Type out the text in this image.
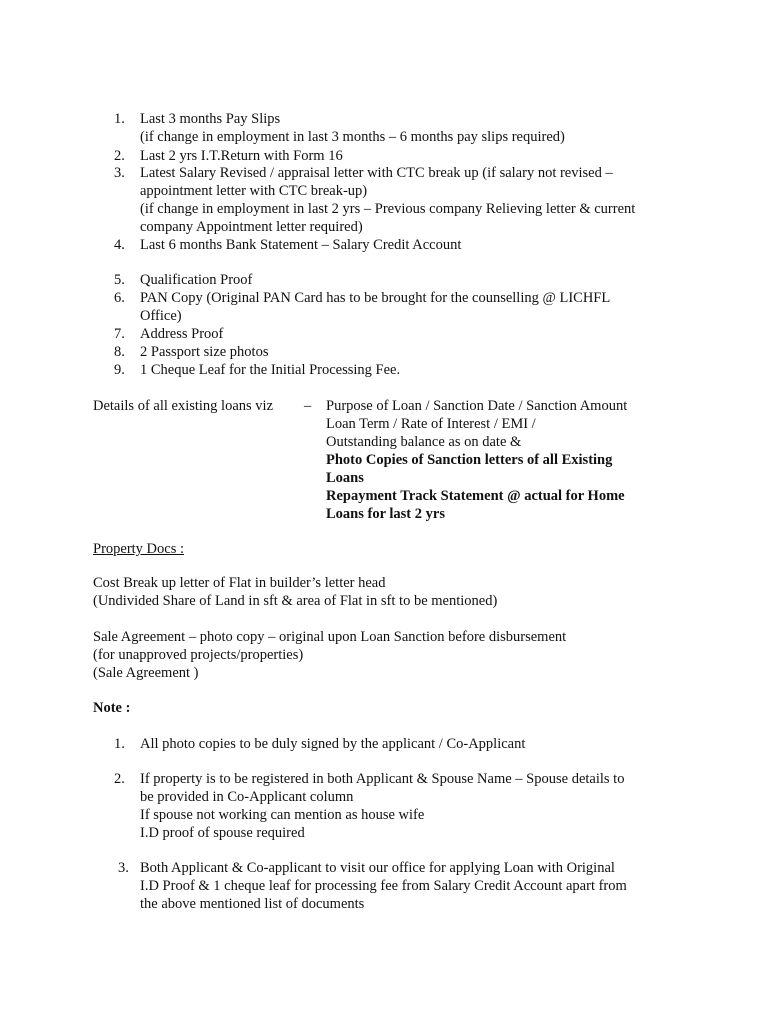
1. Last 3 months Pay Slips
(if change in employment in last 3 months – 6 months pay slips required)
2. Last 2 yrs I.T.Return with Form 16
3. Latest Salary Revised / appraisal letter with CTC break up (if salary not revised –
appointment letter with CTC break-up)
(if change in employment in last 2 yrs – Previous company Relieving letter & current
company Appointment letter required)
4. Last 6 months Bank Statement – Salary Credit Account
5. Qualification Proof
6. PAN Copy (Original PAN Card has to be brought for the counselling @ LICHFL
Office)
7. Address Proof
8. 2 Passport size photos
9. 1 Cheque Leaf for the Initial Processing Fee.
Details of all existing loans viz – Purpose of Loan / Sanction Date / Sanction Amount
Loan Term / Rate of Interest / EMI /
Outstanding balance as on date &
Photo Copies of Sanction letters of all Existing
Loans
Repayment Track Statement @ actual for Home
Loans for last 2 yrs
Property Docs :
Cost Break up letter of Flat in builder’s letter head
(Undivided Share of Land in sft & area of Flat in sft to be mentioned)
Sale Agreement – photo copy – original upon Loan Sanction before disbursement
(for unapproved projects/properties)
(Sale Agreement )
Note :
1. All photo copies to be duly signed by the applicant / Co-Applicant
2. If property is to be registered in both Applicant & Spouse Name – Spouse details to
be provided in Co-Applicant column
If spouse not working can mention as house wife
I.D proof of spouse required
3. Both Applicant & Co-applicant to visit our office for applying Loan with Original
I.D Proof & 1 cheque leaf for processing fee from Salary Credit Account apart from
the above mentioned list of documents
